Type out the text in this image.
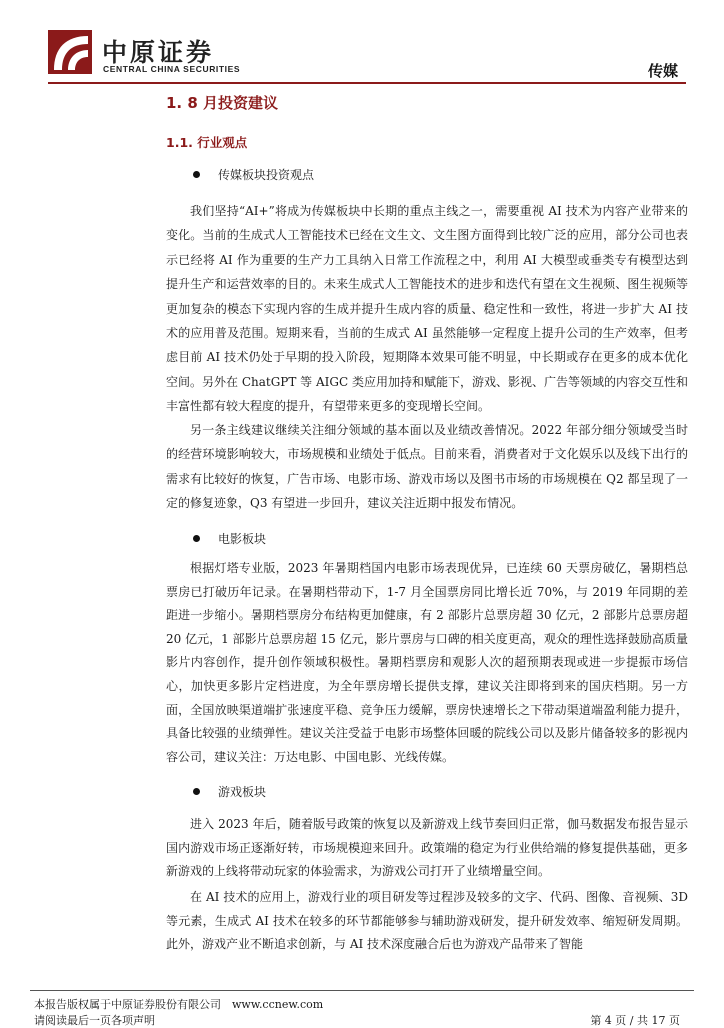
中原证券
CENTRAL CHINA SECURITIES	传媒
1. 8 月投资建议
1.1. 行业观点
传媒板块投资观点

我们坚持“AI+”将成为传媒板块中长期的重点主线之一，需要重视 AI 技术为内容产业带来的变化。当前的生成式人工智能技术已经在文生文、文生图方面得到比较广泛的应用，部分公司也表示已经将 AI 作为重要的生产力工具纳入日常工作流程之中，利用 AI 大模型或垂类专有模型达到提升生产和运营效率的目的。未来生成式人工智能技术的进步和迭代有望在文生视频、图生视频等更加复杂的模态下实现内容的生成并提升生成内容的质量、稳定性和一致性，将进一步扩大 AI 技术的应用普及范围。短期来看，当前的生成式 AI 虽然能够一定程度上提升公司的生产效率，但考虑目前 AI 技术仍处于早期的投入阶段，短期降本效果可能不明显，中长期或存在更多的成本优化空间。另外在 ChatGPT 等 AIGC 类应用加持和赋能下，游戏、影视、广告等领域的内容交互性和丰富性都有较大程度的提升，有望带来更多的变现增长空间。

另一条主线建议继续关注细分领域的基本面以及业绩改善情况。2022 年部分细分领域受当时的经营环境影响较大，市场规模和业绩处于低点。目前来看，消费者对于文化娱乐以及线下出行的需求有比较好的恢复，广告市场、电影市场、游戏市场以及图书市场的市场规模在 Q2 都呈现了一定的修复迹象，Q3 有望进一步回升，建议关注近期中报发布情况。

电影板块

根据灯塔专业版，2023 年暑期档国内电影市场表现优异，已连续 60 天票房破亿，暑期档总票房已打破历年记录。在暑期档带动下，1-7 月全国票房同比增长近 70%，与 2019 年同期的差距进一步缩小。暑期档票房分布结构更加健康，有 2 部影片总票房超 30 亿元，2 部影片总票房超 20 亿元，1 部影片总票房超 15 亿元，影片票房与口碑的相关度更高，观众的理性选择鼓励高质量影片内容创作，提升创作领域积极性。暑期档票房和观影人次的超预期表现或进一步提振市场信心，加快更多影片定档进度，为全年票房增长提供支撑，建议关注即将到来的国庆档期。另一方面，全国放映渠道端扩张速度平稳、竞争压力缓解，票房快速增长之下带动渠道端盈利能力提升，具备比较强的业绩弹性。建议关注受益于电影市场整体回暖的院线公司以及影片储备较多的影视内容公司，建议关注：万达电影、中国电影、光线传媒。

游戏板块

进入 2023 年后，随着版号政策的恢复以及新游戏上线节奏回归正常，伽马数据发布报告显示国内游戏市场正逐渐好转，市场规模迎来回升。政策端的稳定为行业供给端的修复提供基础，更多新游戏的上线将带动玩家的体验需求，为游戏公司打开了业绩增量空间。

在 AI 技术的应用上，游戏行业的项目研发等过程涉及较多的文字、代码、图像、音视频、3D 等元素，生成式 AI 技术在较多的环节都能够参与辅助游戏研发，提升研发效率、缩短研发周期。此外，游戏产业不断追求创新，与 AI 技术深度融合后也为游戏产品带来了智能

本报告版权属于中原证券股份有限公司　www.ccnew.com
请阅读最后一页各项声明	第 4 页 / 共 17 页
